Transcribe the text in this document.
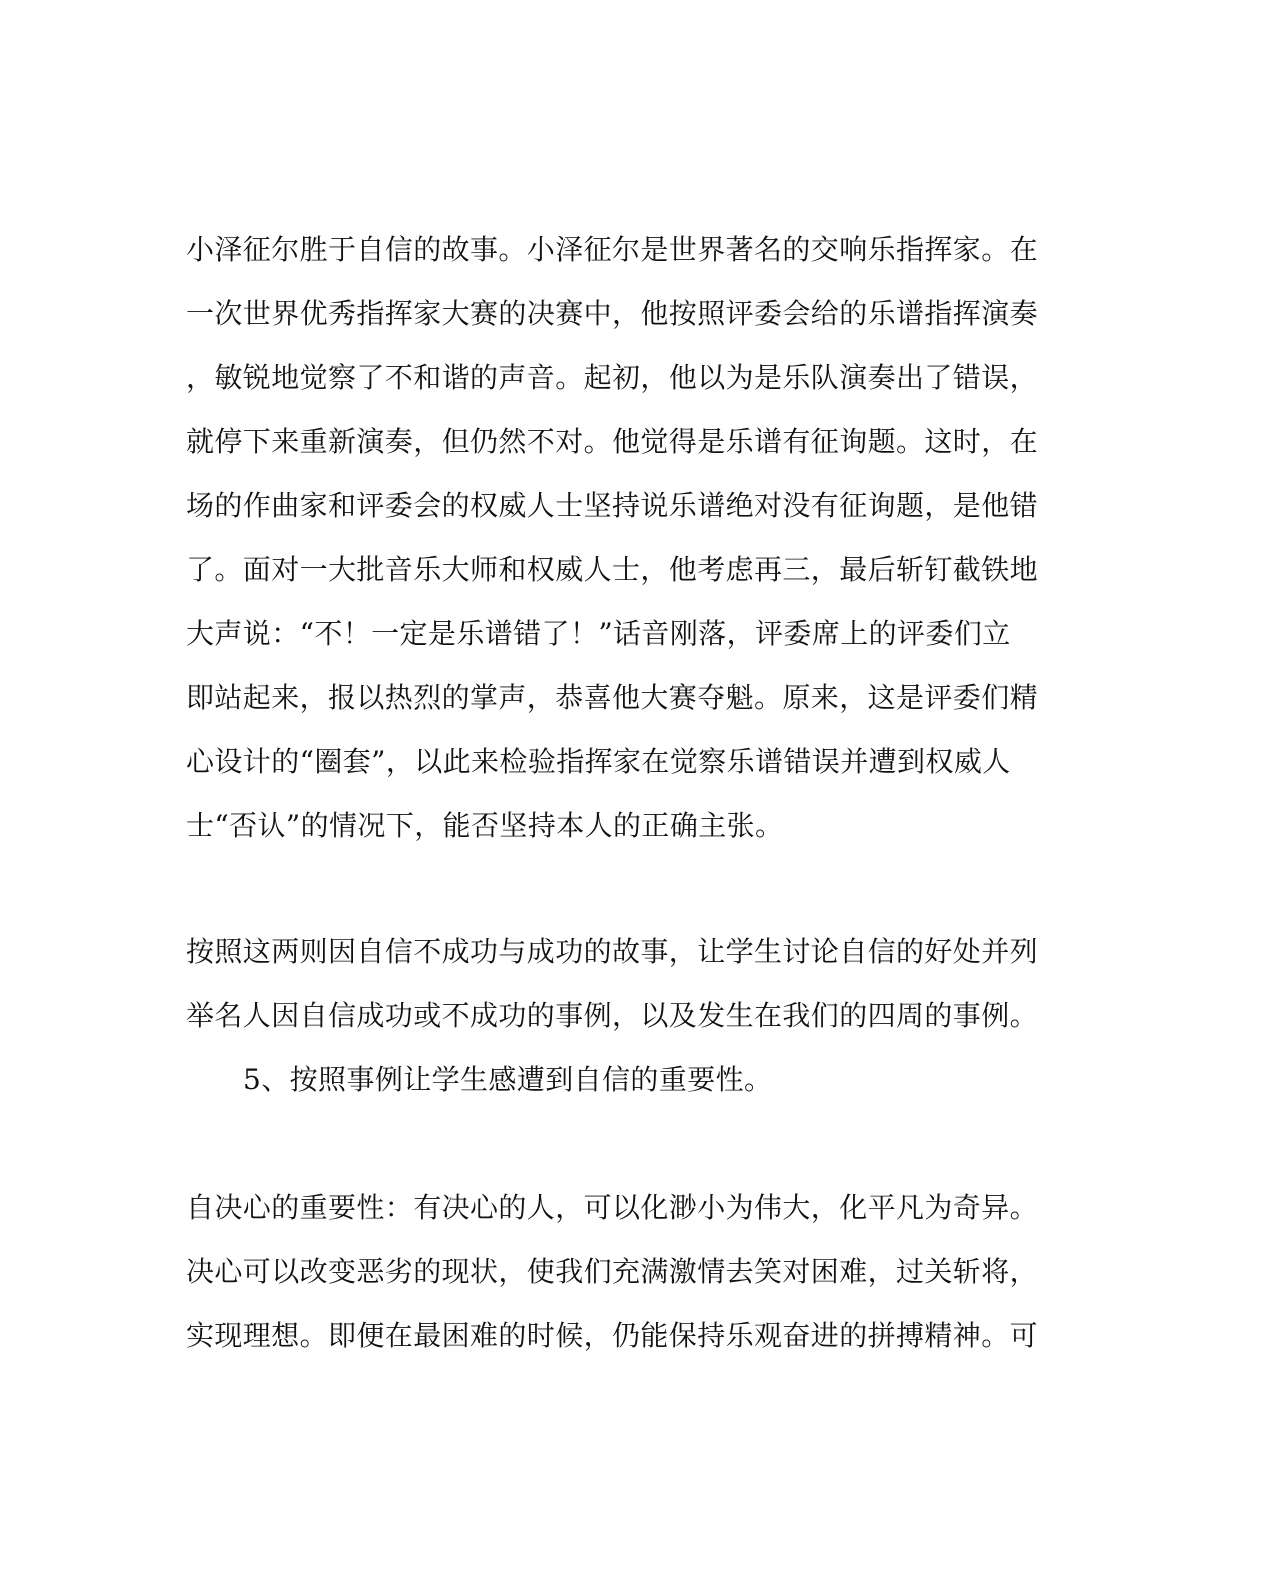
小泽征尔胜于自信的故事。小泽征尔是世界著名的交响乐指挥家。在
一次世界优秀指挥家大赛的决赛中，他按照评委会给的乐谱指挥演奏
，敏锐地觉察了不和谐的声音。起初，他以为是乐队演奏出了错误，
就停下来重新演奏，但仍然不对。他觉得是乐谱有征询题。这时，在
场的作曲家和评委会的权威人士坚持说乐谱绝对没有征询题，是他错
了。面对一大批音乐大师和权威人士，他考虑再三，最后斩钉截铁地
大声说：“不！一定是乐谱错了！”话音刚落，评委席上的评委们立
即站起来，报以热烈的掌声，恭喜他大赛夺魁。原来，这是评委们精
心设计的“圈套”，以此来检验指挥家在觉察乐谱错误并遭到权威人
士“否认”的情况下，能否坚持本人的正确主张。
按照这两则因自信不成功与成功的故事，让学生讨论自信的好处并列
举名人因自信成功或不成功的事例，以及发生在我们的四周的事例。
5、按照事例让学生感遭到自信的重要性。
自决心的重要性：有决心的人，可以化渺小为伟大，化平凡为奇异。
决心可以改变恶劣的现状，使我们充满激情去笑对困难，过关斩将，
实现理想。即便在最困难的时候，仍能保持乐观奋进的拼搏精神。可
